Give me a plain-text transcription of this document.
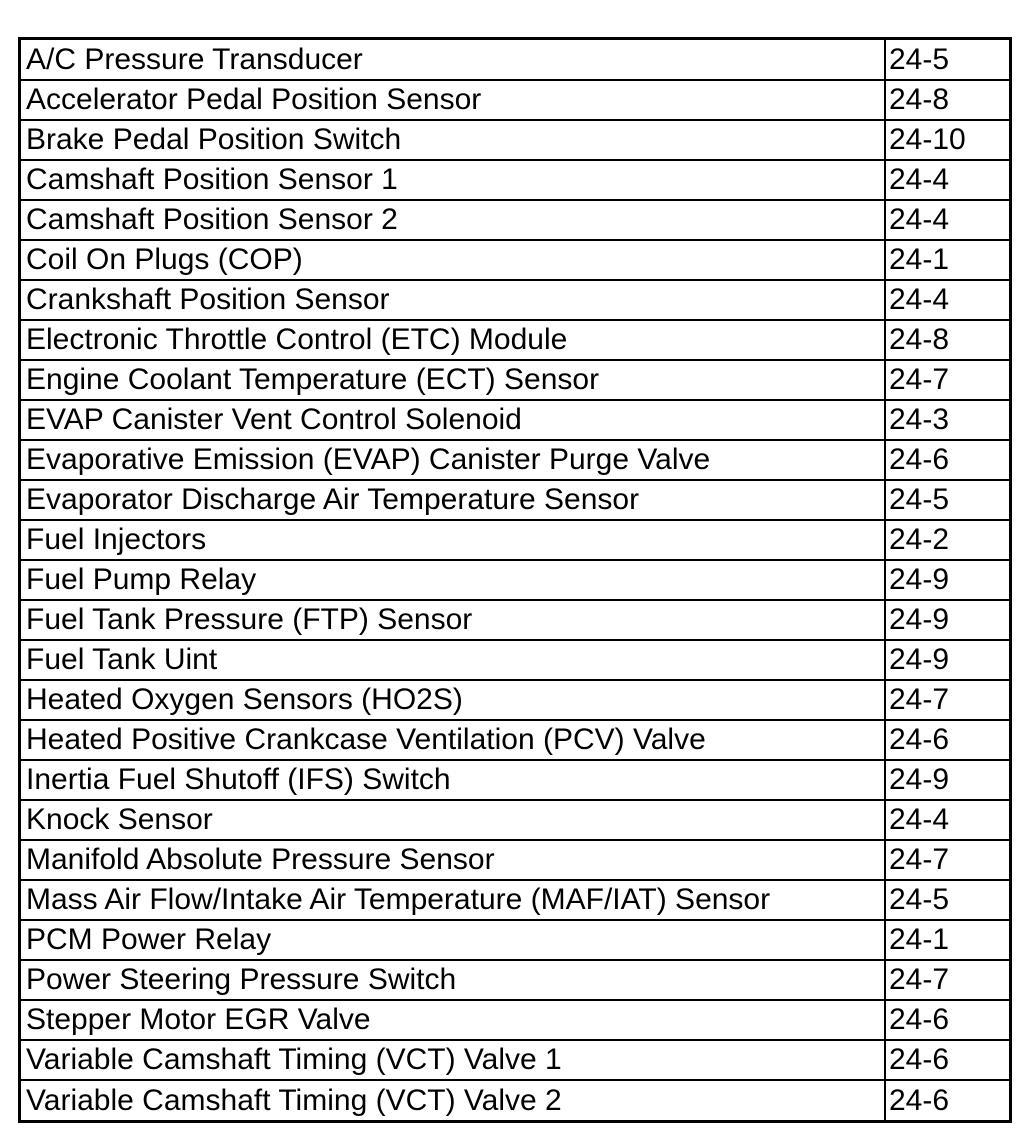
A/C Pressure Transducer	24-5
Accelerator Pedal Position Sensor	24-8
Brake Pedal Position Switch	24-10
Camshaft Position Sensor 1	24-4
Camshaft Position Sensor 2	24-4
Coil On Plugs (COP)	24-1
Crankshaft Position Sensor	24-4
Electronic Throttle Control (ETC) Module	24-8
Engine Coolant Temperature (ECT) Sensor	24-7
EVAP Canister Vent Control Solenoid	24-3
Evaporative Emission (EVAP) Canister Purge Valve	24-6
Evaporator Discharge Air Temperature Sensor	24-5
Fuel Injectors	24-2
Fuel Pump Relay	24-9
Fuel Tank Pressure (FTP) Sensor	24-9
Fuel Tank Uint	24-9
Heated Oxygen Sensors (HO2S)	24-7
Heated Positive Crankcase Ventilation (PCV) Valve	24-6
Inertia Fuel Shutoff (IFS) Switch	24-9
Knock Sensor	24-4
Manifold Absolute Pressure Sensor	24-7
Mass Air Flow/Intake Air Temperature (MAF/IAT) Sensor	24-5
PCM Power Relay	24-1
Power Steering Pressure Switch	24-7
Stepper Motor EGR Valve	24-6
Variable Camshaft Timing (VCT) Valve 1	24-6
Variable Camshaft Timing (VCT) Valve 2	24-6
